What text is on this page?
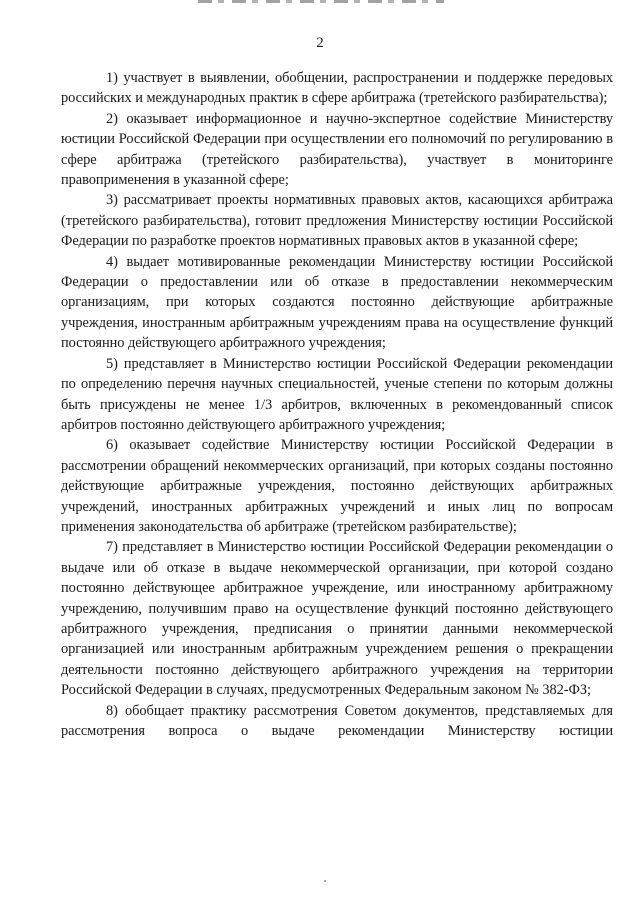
2

1) участвует в выявлении, обобщении, распространении и поддержке передовых российских и международных практик в сфере арбитража (третейского разбирательства);

2) оказывает информационное и научно-экспертное содействие Министерству юстиции Российской Федерации при осуществлении его полномочий по регулированию в сфере арбитража (третейского разбирательства), участвует в мониторинге правоприменения в указанной сфере;

3) рассматривает проекты нормативных правовых актов, касающихся арбитража (третейского разбирательства), готовит предложения Министерству юстиции Российской Федерации по разработке проектов нормативных правовых актов в указанной сфере;

4) выдает мотивированные рекомендации Министерству юстиции Российской Федерации о предоставлении или об отказе в предоставлении некоммерческим организациям, при которых создаются постоянно действующие арбитражные учреждения, иностранным арбитражным учреждениям права на осуществление функций постоянно действующего арбитражного учреждения;

5) представляет в Министерство юстиции Российской Федерации рекомендации по определению перечня научных специальностей, ученые степени по которым должны быть присуждены не менее 1/3 арбитров, включенных в рекомендованный список арбитров постоянно действующего арбитражного учреждения;

6) оказывает содействие Министерству юстиции Российской Федерации в рассмотрении обращений некоммерческих организаций, при которых созданы постоянно действующие арбитражные учреждения, постоянно действующих арбитражных учреждений, иностранных арбитражных учреждений и иных лиц по вопросам применения законодательства об арбитраже (третейском разбирательстве);

7) представляет в Министерство юстиции Российской Федерации рекомендации о выдаче или об отказе в выдаче некоммерческой организации, при которой создано постоянно действующее арбитражное учреждение, или иностранному арбитражному учреждению, получившим право на осуществление функций постоянно действующего арбитражного учреждения, предписания о принятии данными некоммерческой организацией или иностранным арбитражным учреждением решения о прекращении деятельности постоянно действующего арбитражного учреждения на территории Российской Федерации в случаях, предусмотренных Федеральным законом № 382-ФЗ;

8) обобщает практику рассмотрения Советом документов, представляемых для рассмотрения вопроса о выдаче рекомендации Министерству юстиции
